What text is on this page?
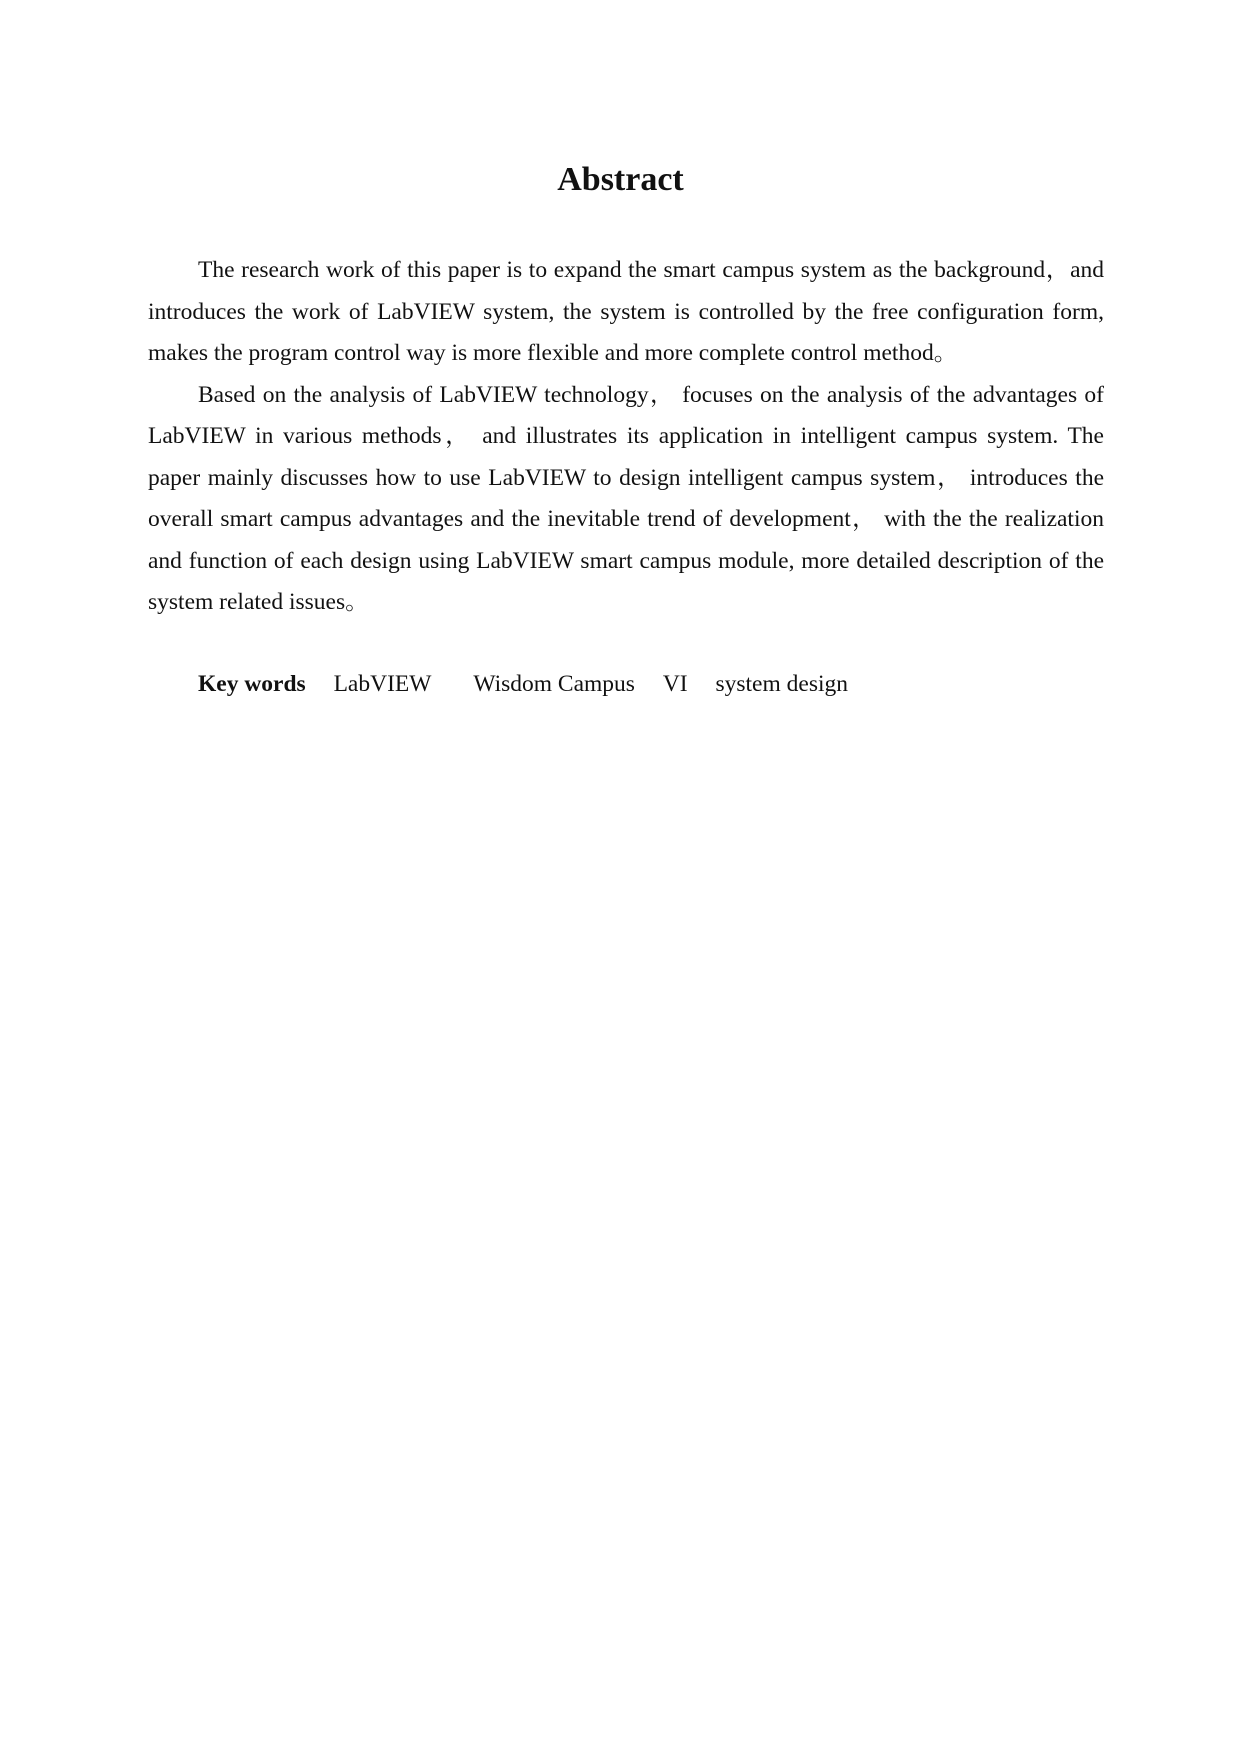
Abstract

The research work of this paper is to expand the smart campus system as the background，and introduces the work of LabVIEW system, the system is controlled by the free configuration form, makes the program control way is more flexible and more complete control method。

Based on the analysis of LabVIEW technology， focuses on the analysis of the advantages of LabVIEW in various methods， and illustrates its application in intelligent campus system. The paper mainly discusses how to use LabVIEW to design intelligent campus system， introduces the overall smart campus advantages and the inevitable trend of development， with the the realization and function of each design using LabVIEW smart campus module, more detailed description of the system related issues。

Key words LabVIEW Wisdom Campus VI system design
